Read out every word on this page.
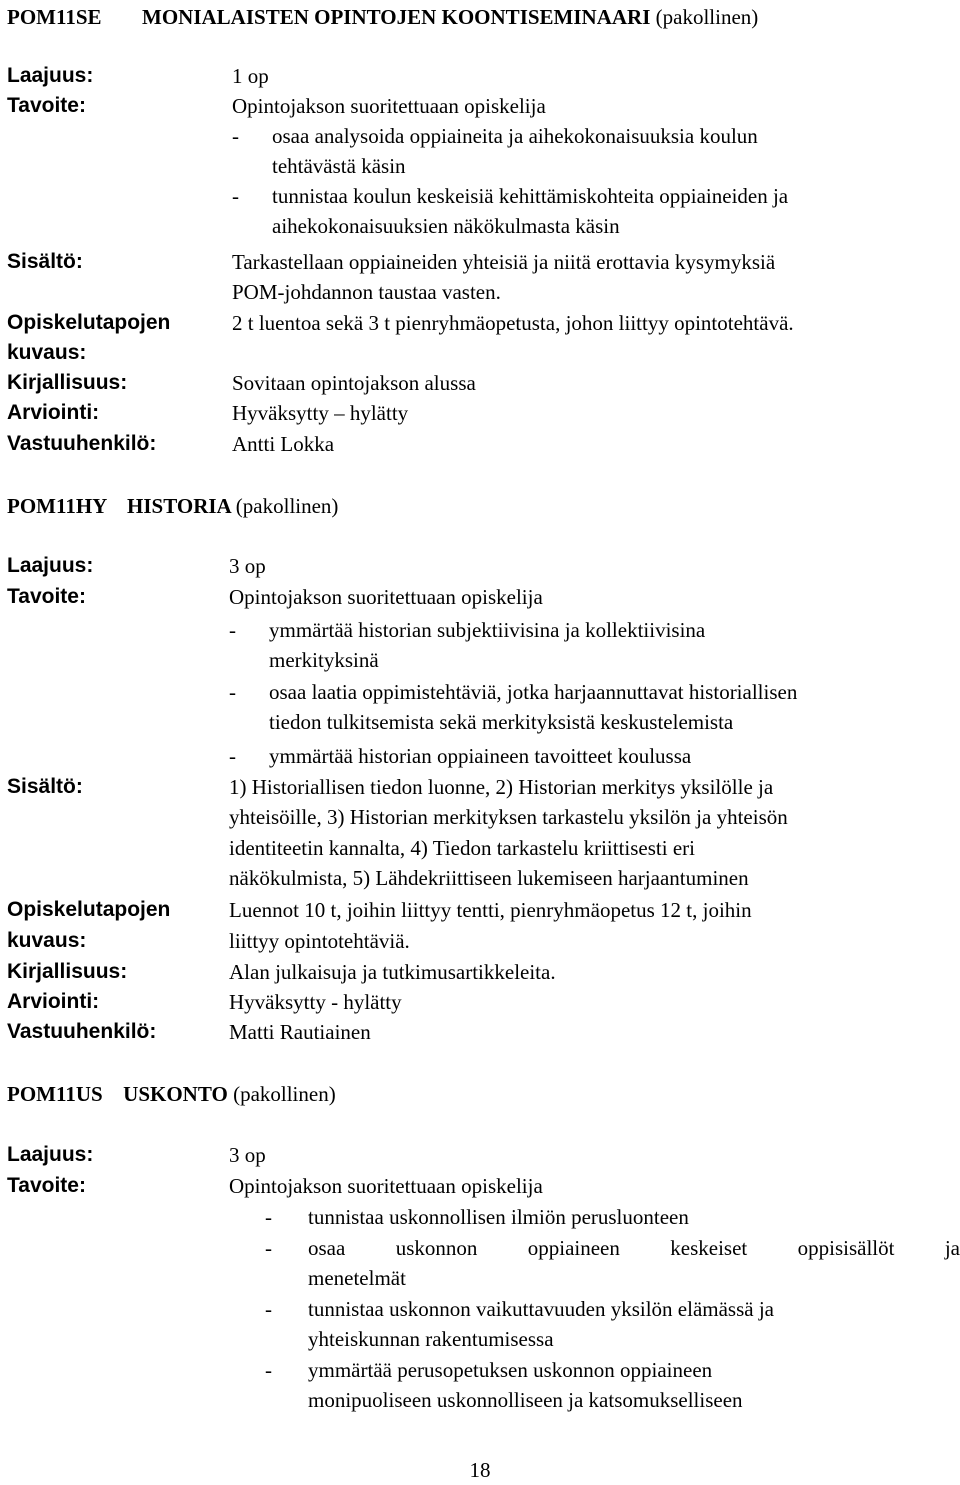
POM11SE MONIALAISTEN OPINTOJEN KOONTISEMINAARI (pakollinen)
Laajuus:	1 op
Tavoite:	Opintojakson suoritettuaan opiskelija
- osaa analysoida oppiaineita ja aihekokonaisuuksia koulun
tehtävästä käsin
- tunnistaa koulun keskeisiä kehittämiskohteita oppiaineiden ja
aihekokonaisuuksien näkökulmasta käsin
Sisältö:	Tarkastellaan oppiaineiden yhteisiä ja niitä erottavia kysymyksiä
POM-johdannon taustaa vasten.
Opiskelutapojen	2 t luentoa sekä 3 t pienryhmäopetusta, johon liittyy opintotehtävä.
kuvaus:
Kirjallisuus:	Sovitaan opintojakson alussa
Arviointi:	Hyväksytty – hylätty
Vastuuhenkilö:	Antti Lokka
POM11HY HISTORIA (pakollinen)
Laajuus:	3 op
Tavoite:	Opintojakson suoritettuaan opiskelija
- ymmärtää historian subjektiivisina ja kollektiivisina
merkityksinä
- osaa laatia oppimistehtäviä, jotka harjaannuttavat historiallisen
tiedon tulkitsemista sekä merkityksistä keskustelemista
- ymmärtää historian oppiaineen tavoitteet koulussa
Sisältö:	1) Historiallisen tiedon luonne, 2) Historian merkitys yksilölle ja
yhteisöille, 3) Historian merkityksen tarkastelu yksilön ja yhteisön
identiteetin kannalta, 4) Tiedon tarkastelu kriittisesti eri
näkökulmista, 5) Lähdekriittiseen lukemiseen harjaantuminen
Opiskelutapojen	Luennot 10 t, joihin liittyy tentti, pienryhmäopetus 12 t, joihin
kuvaus:	liittyy opintotehtäviä.
Kirjallisuus:	Alan julkaisuja ja tutkimusartikkeleita.
Arviointi:	Hyväksytty - hylätty
Vastuuhenkilö:	Matti Rautiainen
POM11US USKONTO (pakollinen)
Laajuus:	3 op
Tavoite:	Opintojakson suoritettuaan opiskelija
- tunnistaa uskonnollisen ilmiön perusluonteen
- osaa uskonnon oppiaineen keskeiset oppisisällöt ja
menetelmät
- tunnistaa uskonnon vaikuttavuuden yksilön elämässä ja
yhteiskunnan rakentumisessa
- ymmärtää perusopetuksen uskonnon oppiaineen
monipuoliseen uskonnolliseen ja katsomukselliseen
18
